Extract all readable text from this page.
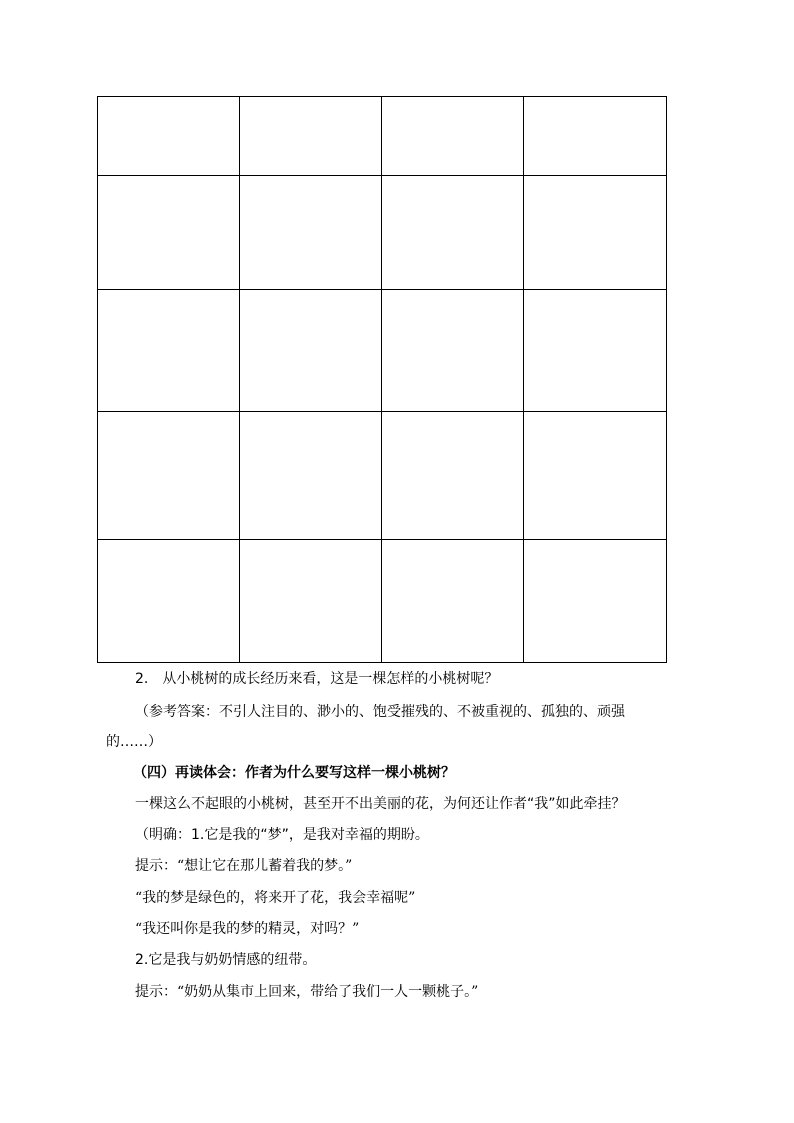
2.　从小桃树的成长经历来看，这是一棵怎样的小桃树呢？
（参考答案：不引人注目的、渺小的、饱受摧残的、不被重视的、孤独的、顽强
的……）
（四）再读体会：作者为什么要写这样一棵小桃树？
一棵这么不起眼的小桃树，甚至开不出美丽的花，为何还让作者“我”如此牵挂？
（明确：1.它是我的“梦”，是我对幸福的期盼。
提示：“想让它在那儿蓄着我的梦。”
“我的梦是绿色的，将来开了花，我会幸福呢”
“我还叫你是我的梦的精灵，对吗？”
2.它是我与奶奶情感的纽带。
提示：“奶奶从集市上回来，带给了我们一人一颗桃子。”
